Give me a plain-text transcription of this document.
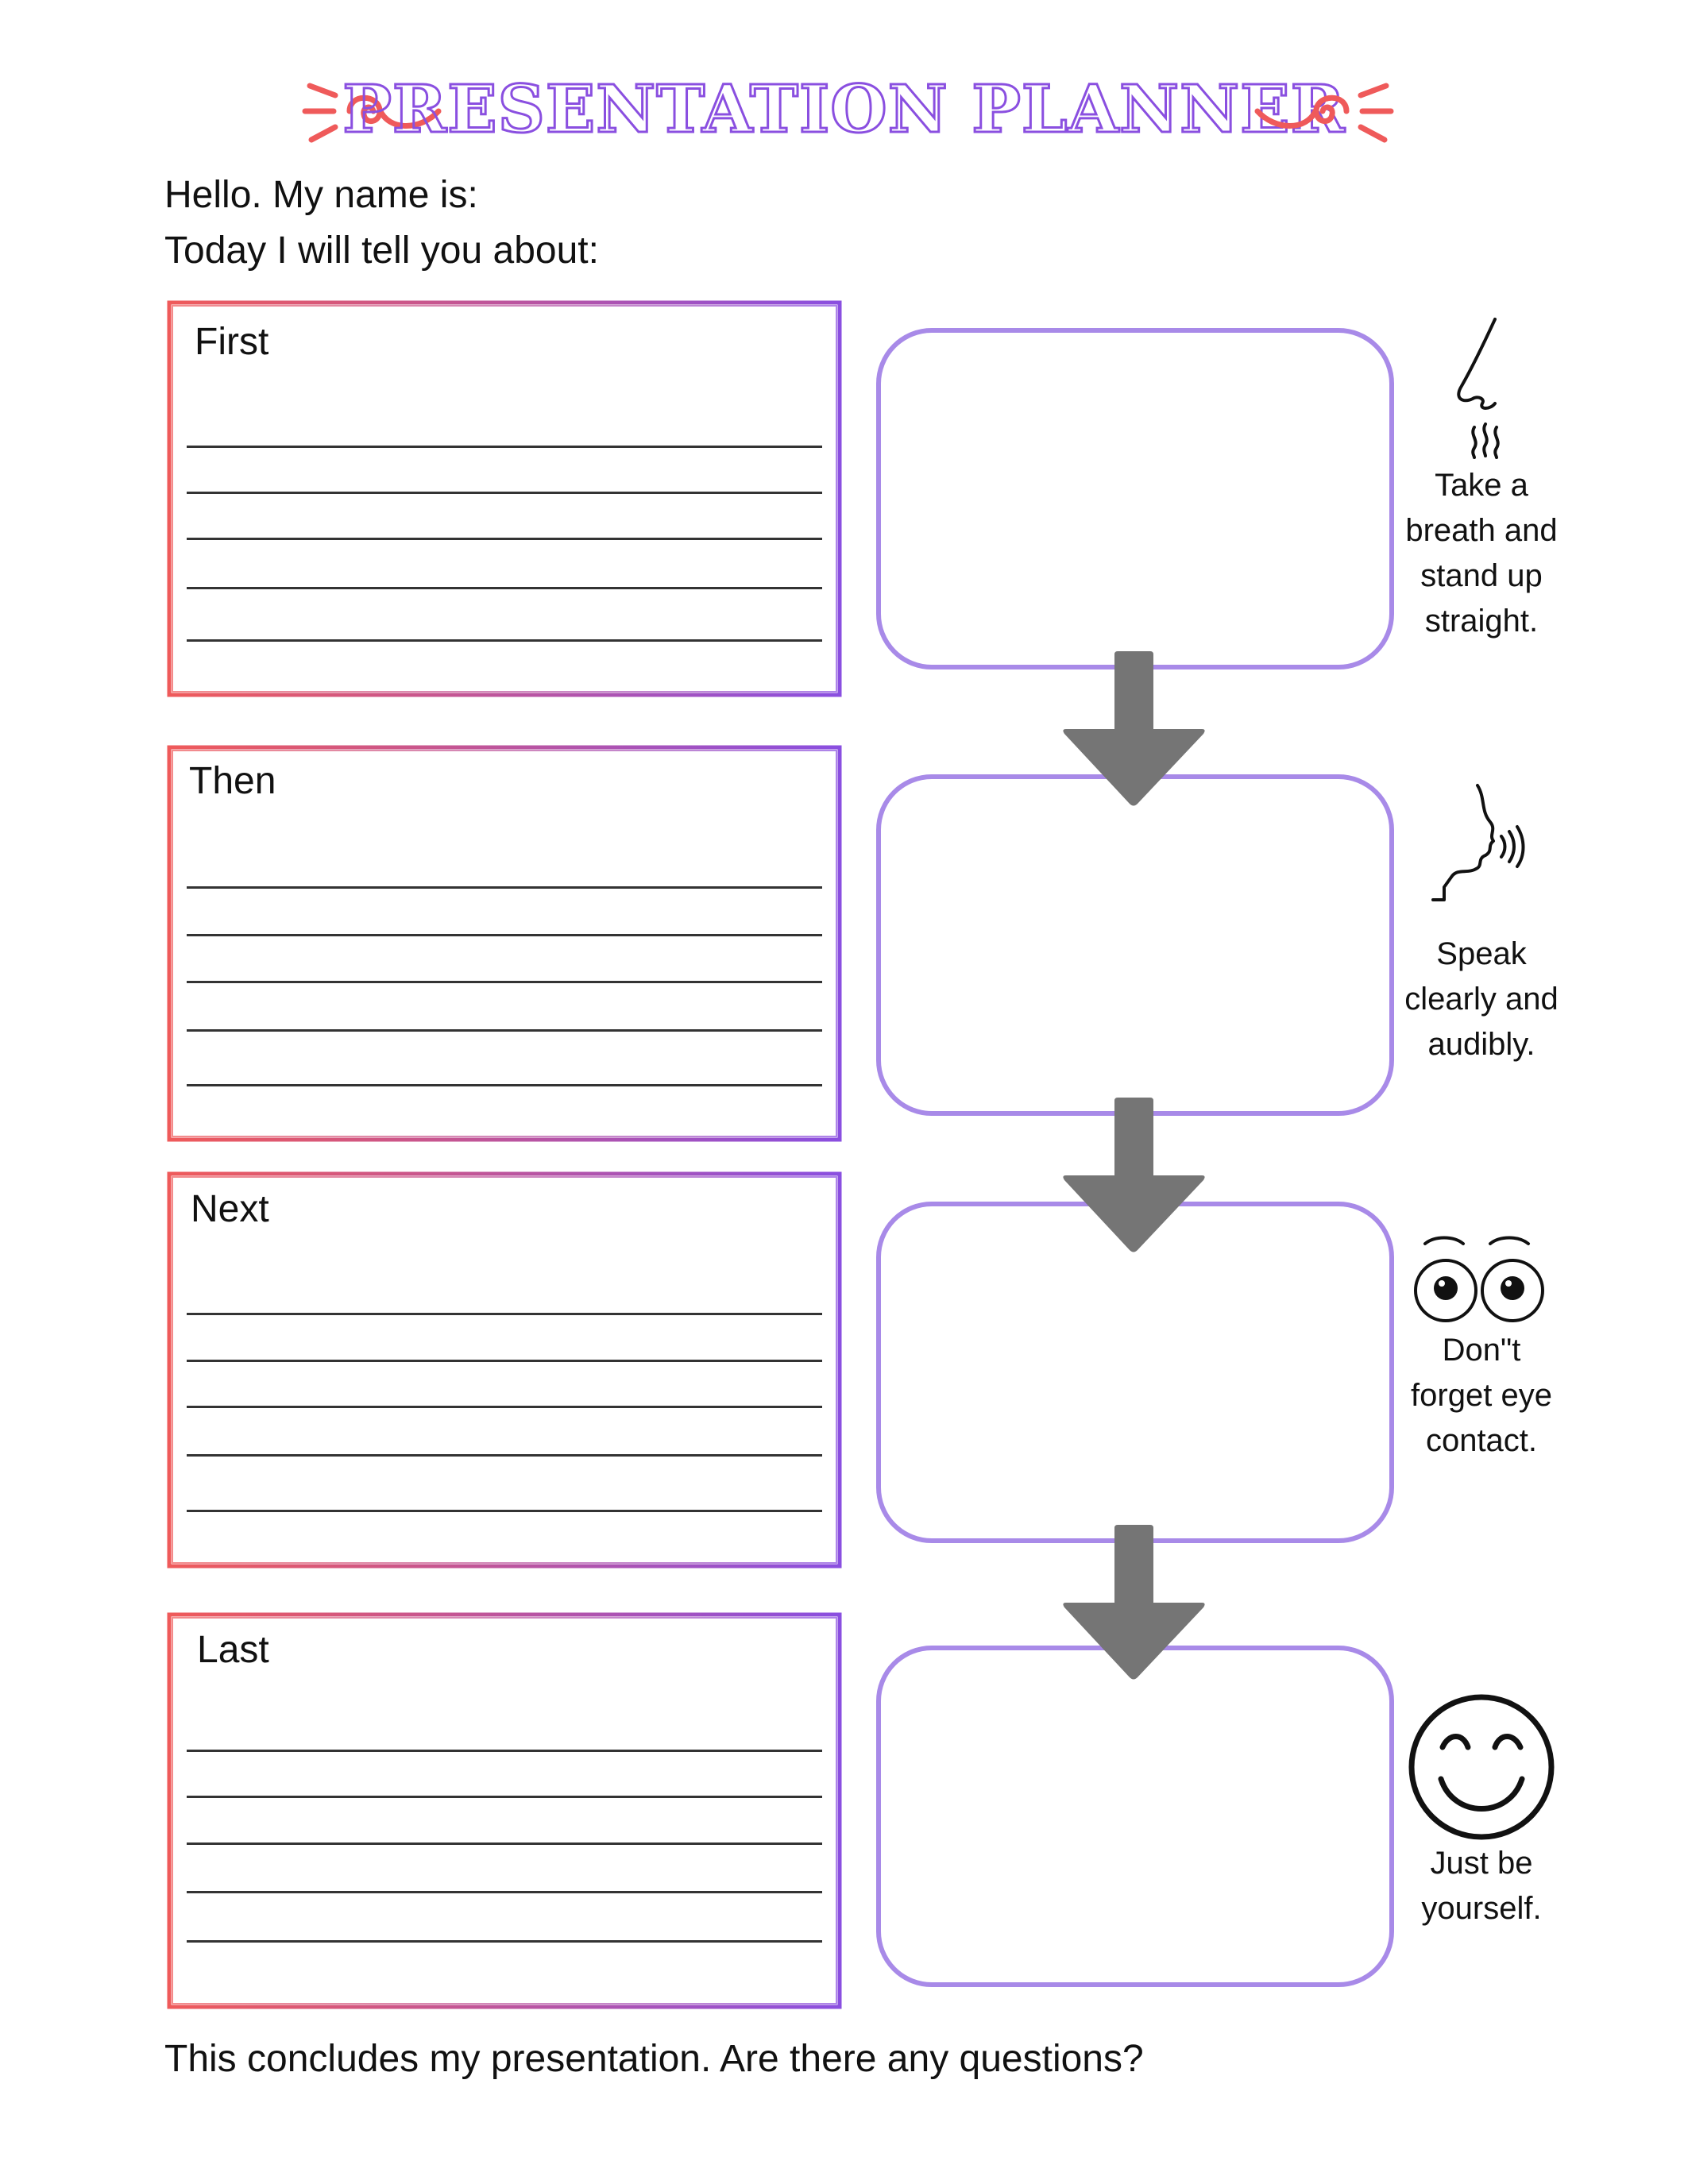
PRESENTATION PLANNER

Hello. My name is:

Today I will tell you about:

First
Then
Next
Last

Take a breath and stand up straight.

Speak clearly and audibly.

Don"t forget eye contact.

Just be yourself.

This concludes my presentation. Are there any questions?
